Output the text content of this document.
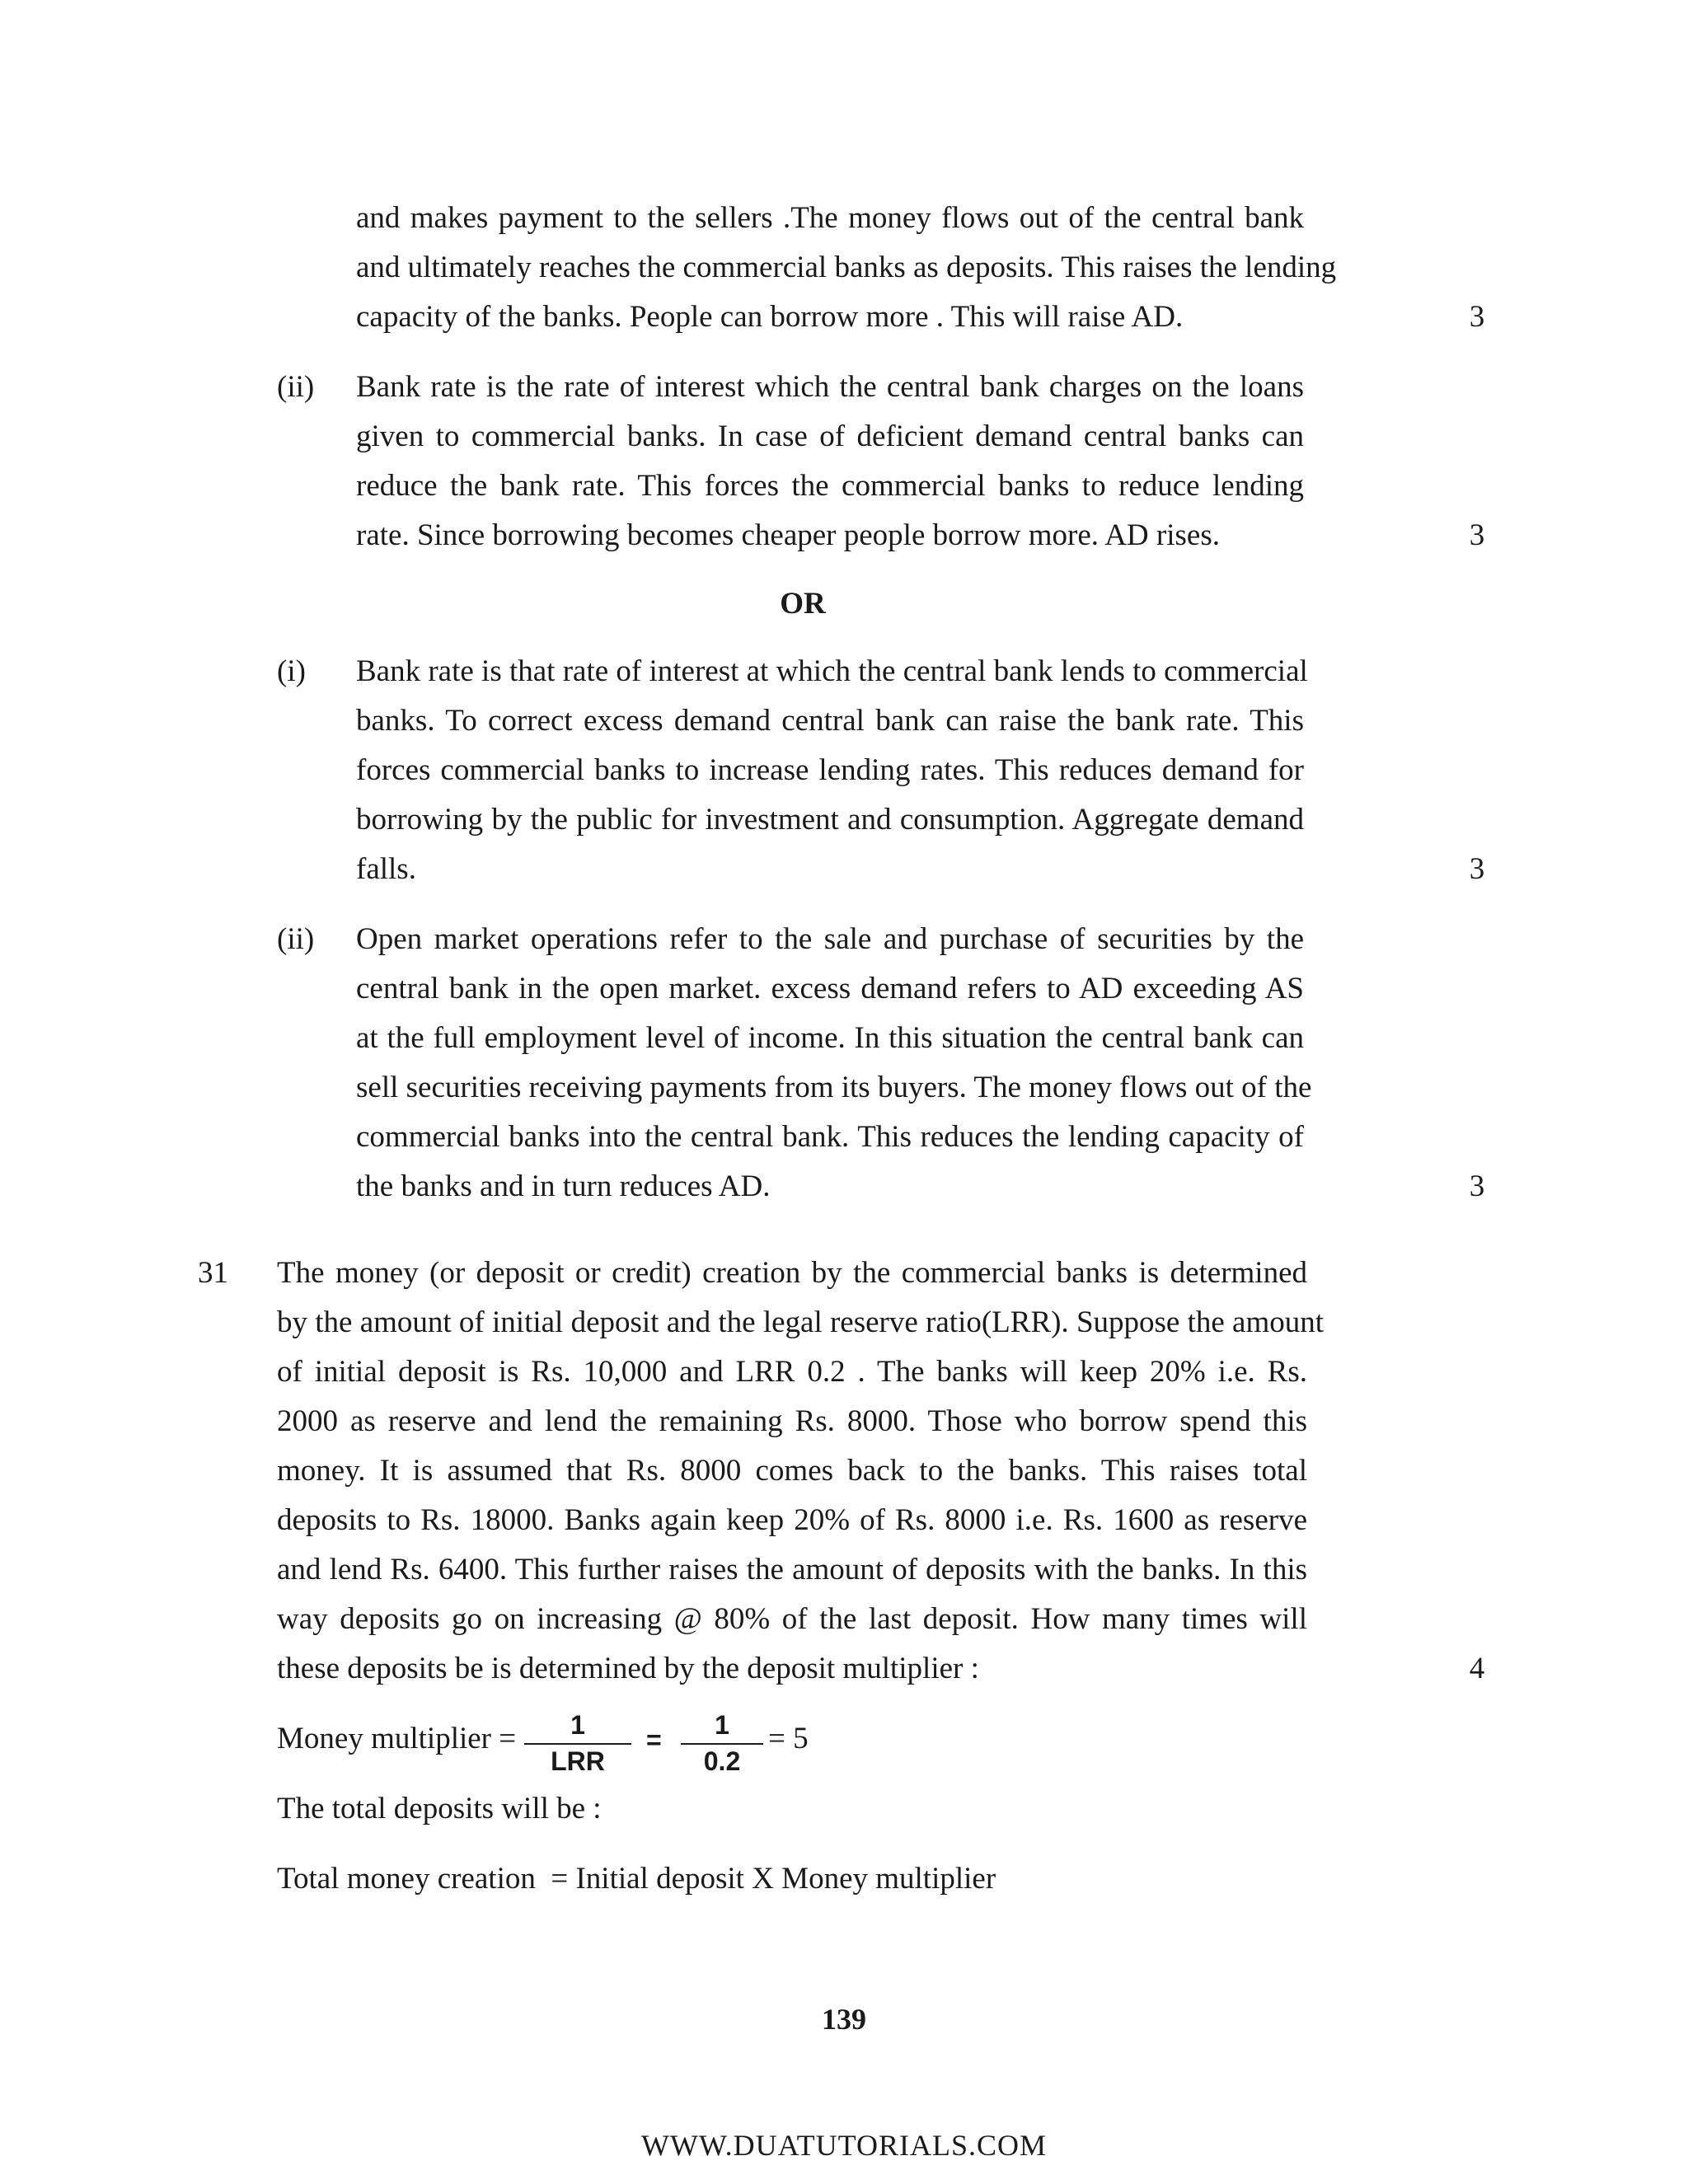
and makes payment to the sellers .The money flows out of the central bank
and ultimately reaches the commercial banks as deposits. This raises the lending
capacity of the banks. People can borrow more . This will raise AD.	3
(ii) Bank rate is the rate of interest which the central bank charges on the loans
given to commercial banks. In case of deficient demand central banks can
reduce the bank rate. This forces the commercial banks to reduce lending
rate. Since borrowing becomes cheaper people borrow more. AD rises.	3
OR
(i) Bank rate is that rate of interest at which the central bank lends to commercial
banks. To correct excess demand central bank can raise the bank rate. This
forces commercial banks to increase lending rates. This reduces demand for
borrowing by the public for investment and consumption. Aggregate demand
falls.	3
(ii) Open market operations refer to the sale and purchase of securities by the
central bank in the open market. excess demand refers to AD exceeding AS
at the full employment level of income. In this situation the central bank can
sell securities receiving payments from its buyers. The money flows out of the
commercial banks into the central bank. This reduces the lending capacity of
the banks and in turn reduces AD.	3
31 The money (or deposit or credit) creation by the commercial banks is determined
by the amount of initial deposit and the legal reserve ratio(LRR). Suppose the amount
of initial deposit is Rs. 10,000 and LRR 0.2 . The banks will keep 20% i.e. Rs.
2000 as reserve and lend the remaining Rs. 8000. Those who borrow spend this
money. It is assumed that Rs. 8000 comes back to the banks. This raises total
deposits to Rs. 18000. Banks again keep 20% of Rs. 8000 i.e. Rs. 1600 as reserve
and lend Rs. 6400. This further raises the amount of deposits with the banks. In this
way deposits go on increasing @ 80% of the last deposit. How many times will
these deposits be is determined by the deposit multiplier :	4
Money multiplier =	1
LRR
=	1
0.2
= 5
The total deposits will be :
Total money creation  = Initial deposit X Money multiplier
139
WWW.DUATUTORIALS.COM
